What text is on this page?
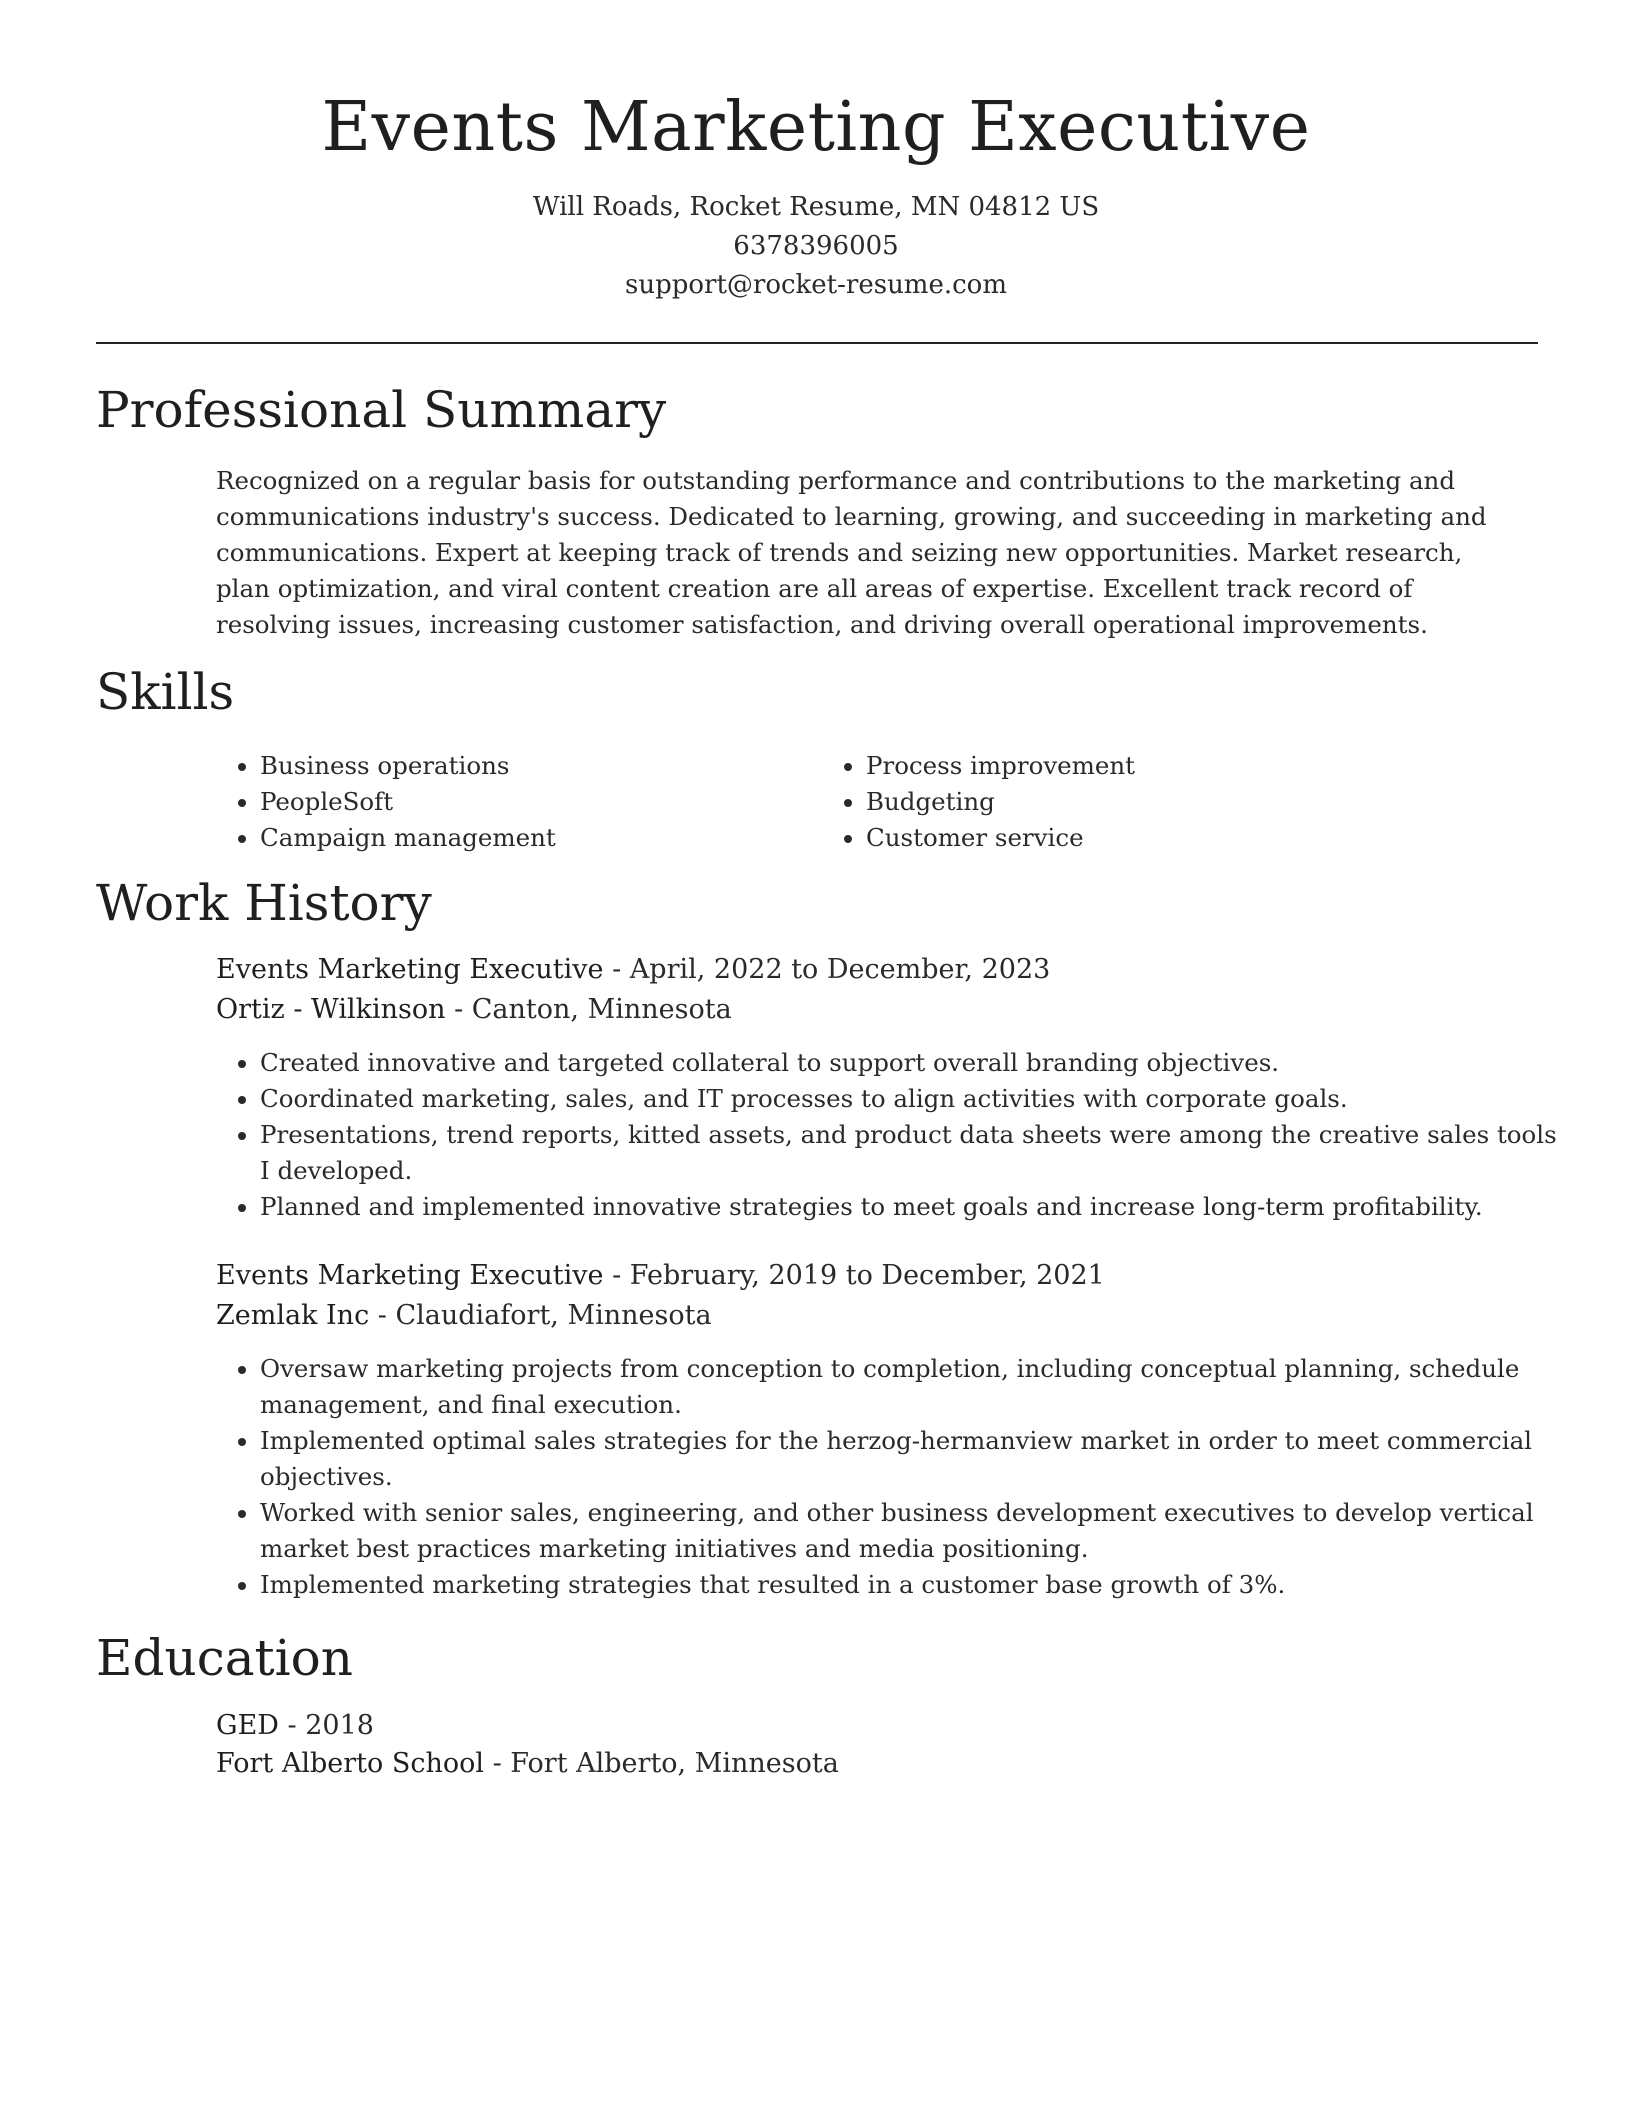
Events Marketing Executive
Will Roads, Rocket Resume, MN 04812 US
6378396005
support@rocket-resume.com
Professional Summary

Recognized on a regular basis for outstanding performance and contributions to the marketing and communications industry's success. Dedicated to learning, growing, and succeeding in marketing and communications. Expert at keeping track of trends and seizing new opportunities. Market research, plan optimization, and viral content creation are all areas of expertise. Excellent track record of resolving issues, increasing customer satisfaction, and driving overall operational improvements.

Skills
• Business operations
• PeopleSoft
• Campaign management
• Process improvement
• Budgeting
• Customer service
Work History
Events Marketing Executive - April, 2022 to December, 2023
Ortiz - Wilkinson - Canton, Minnesota
• Created innovative and targeted collateral to support overall branding objectives.
• Coordinated marketing, sales, and IT processes to align activities with corporate goals.
• Presentations, trend reports, kitted assets, and product data sheets were among the creative sales tools I developed.
• Planned and implemented innovative strategies to meet goals and increase long-term profitability.
Events Marketing Executive - February, 2019 to December, 2021
Zemlak Inc - Claudiafort, Minnesota
• Oversaw marketing projects from conception to completion, including conceptual planning, schedule management, and final execution.
• Implemented optimal sales strategies for the herzog-hermanview market in order to meet commercial objectives.
• Worked with senior sales, engineering, and other business development executives to develop vertical market best practices marketing initiatives and media positioning.
• Implemented marketing strategies that resulted in a customer base growth of 3%.
Education
GED - 2018
Fort Alberto School - Fort Alberto, Minnesota
